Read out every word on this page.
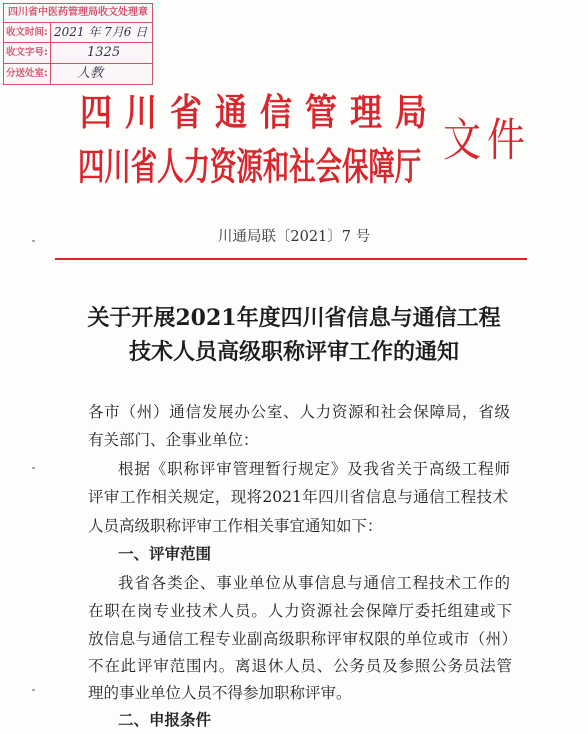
四川省中医药管理局收文处理章
收文时间: 2021 年 7月6 日
收文字号:	1325
分送处室:	人教
四川省通信管理局
四川省人力资源和社会保障厅
文件
川通局联〔2021〕7 号
关于开展2021年度四川省信息与通信工程
技术人员高级职称评审工作的通知
各市（州）通信发展办公室、人力资源和社会保障局，省级
有关部门、企事业单位：
根据《职称评审管理暂行规定》及我省关于高级工程师
评审工作相关规定，现将2021年四川省信息与通信工程技术
人员高级职称评审工作相关事宜通知如下：
一、评审范围
我省各类企、事业单位从事信息与通信工程技术工作的
在职在岗专业技术人员。人力资源社会保障厅委托组建或下
放信息与通信工程专业副高级职称评审权限的单位或市（州）
不在此评审范围内。离退休人员、公务员及参照公务员法管
理的事业单位人员不得参加职称评审。
二、申报条件
